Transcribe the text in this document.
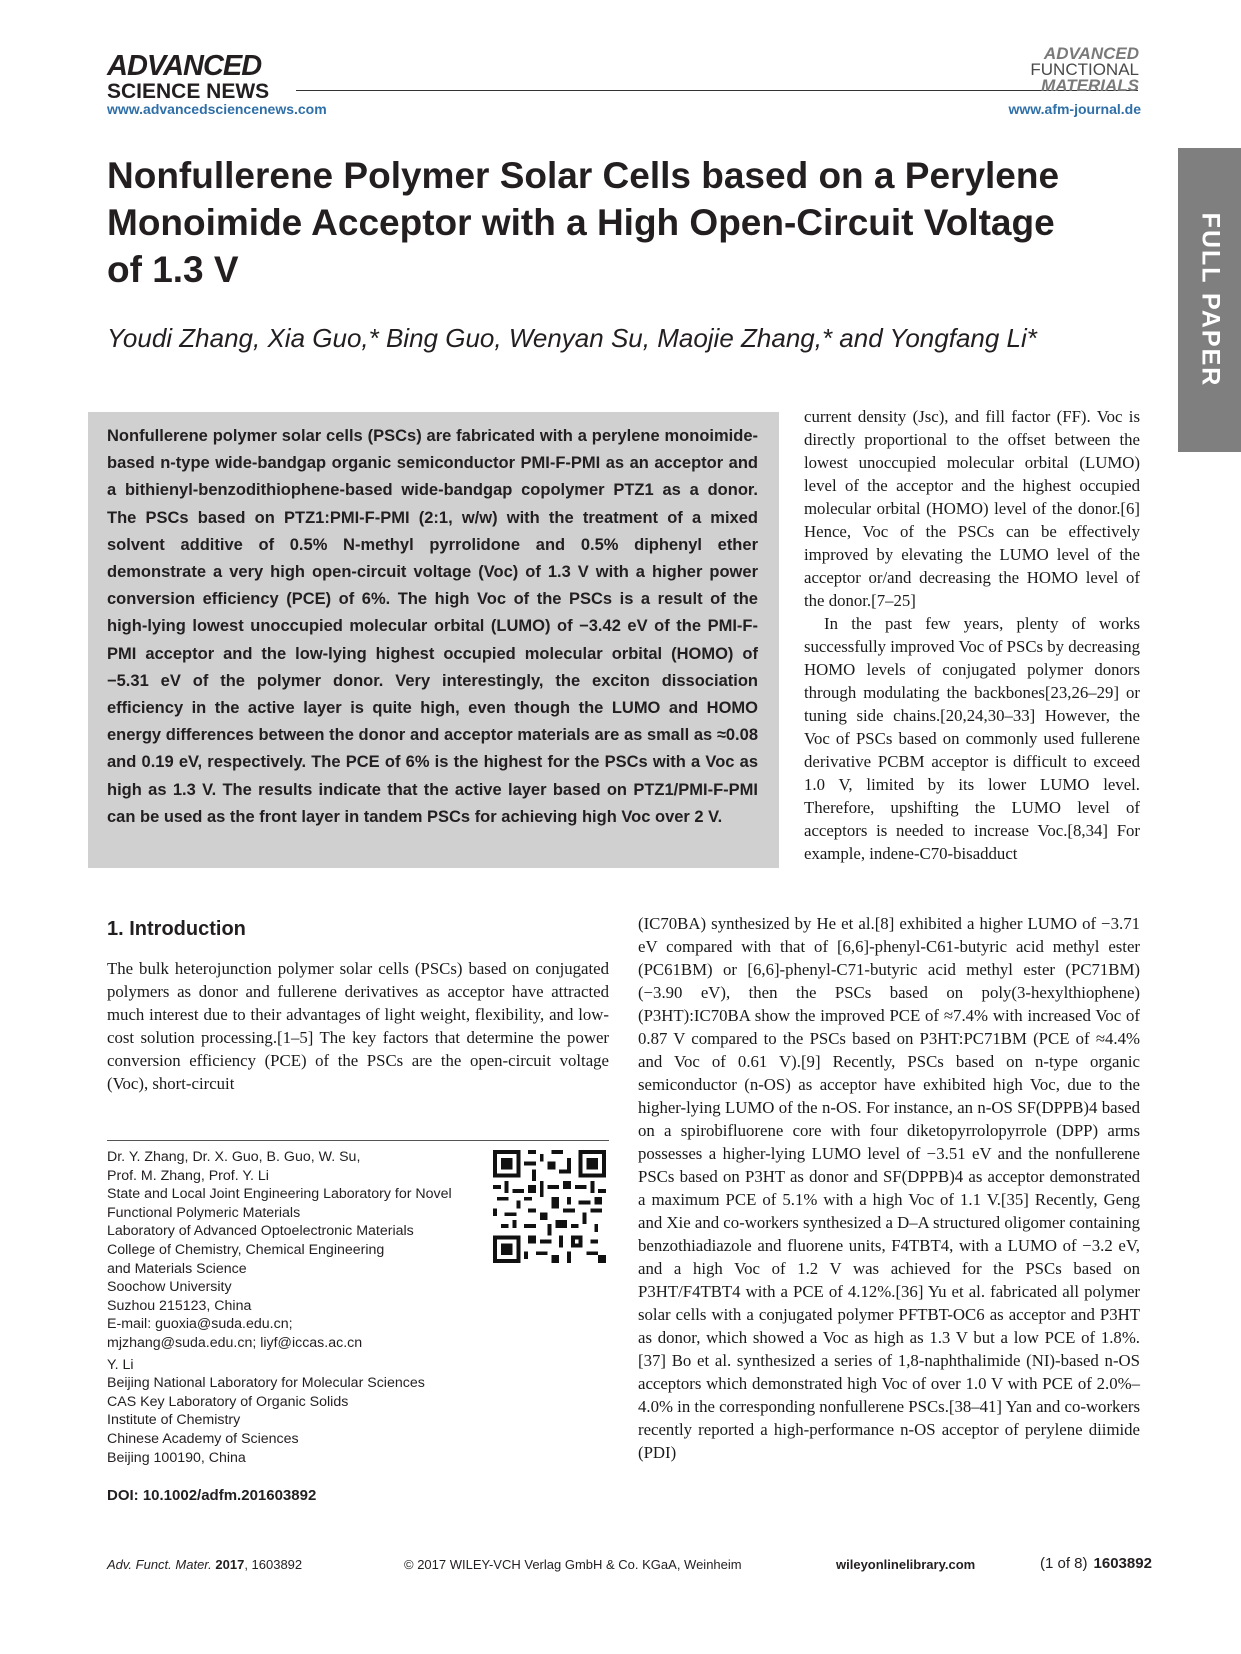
ADVANCED
SCIENCE NEWS
www.advancedsciencenews.com
ADVANCED
FUNCTIONAL
MATERIALS
www.afm-journal.de
FULL PAPER
Nonfullerene Polymer Solar Cells based on a Perylene Monoimide Acceptor with a High Open-Circuit Voltage of 1.3 V
Youdi Zhang, Xia Guo,* Bing Guo, Wenyan Su, Maojie Zhang,* and Yongfang Li*
Nonfullerene polymer solar cells (PSCs) are fabricated with a perylene monoimide-based n-type wide-bandgap organic semiconductor PMI-F-PMI as an acceptor and a bithienyl-benzodithiophene-based wide-bandgap copolymer PTZ1 as a donor. The PSCs based on PTZ1:PMI-F-PMI (2:1, w/w) with the treatment of a mixed solvent additive of 0.5% N-methyl pyrrolidone and 0.5% diphenyl ether demonstrate a very high open-circuit voltage (Voc) of 1.3 V with a higher power conversion efficiency (PCE) of 6%. The high Voc of the PSCs is a result of the high-lying lowest unoccupied molecular orbital (LUMO) of −3.42 eV of the PMI-F-PMI acceptor and the low-lying highest occupied molecular orbital (HOMO) of −5.31 eV of the polymer donor. Very interestingly, the exciton dissociation efficiency in the active layer is quite high, even though the LUMO and HOMO energy differences between the donor and acceptor materials are as small as ≈0.08 and 0.19 eV, respectively. The PCE of 6% is the highest for the PSCs with a Voc as high as 1.3 V. The results indicate that the active layer based on PTZ1/PMI-F-PMI can be used as the front layer in tandem PSCs for achieving high Voc over 2 V.

current density (Jsc), and fill factor (FF). Voc is directly proportional to the offset between the lowest unoccupied molecular orbital (LUMO) level of the acceptor and the highest occupied molecular orbital (HOMO) level of the donor.[6] Hence, Voc of the PSCs can be effectively improved by elevating the LUMO level of the acceptor or/and decreasing the HOMO level of the donor.[7–25]

In the past few years, plenty of works successfully improved Voc of PSCs by decreasing HOMO levels of conjugated polymer donors through modulating the backbones[23,26–29] or tuning side chains.[20,24,30–33] However, the Voc of PSCs based on commonly used fullerene derivative PCBM acceptor is difficult to exceed 1.0 V, limited by its lower LUMO level. Therefore, upshifting the LUMO level of acceptors is needed to increase Voc.[8,34] For example, indene-C70-bisadduct

1. Introduction

The bulk heterojunction polymer solar cells (PSCs) based on conjugated polymers as donor and fullerene derivatives as acceptor have attracted much interest due to their advantages of light weight, flexibility, and low-cost solution processing.[1–5] The key factors that determine the power conversion efficiency (PCE) of the PSCs are the open-circuit voltage (Voc), short-circuit

(IC70BA) synthesized by He et al.[8] exhibited a higher LUMO of −3.71 eV compared with that of [6,6]-phenyl-C61-butyric acid methyl ester (PC61BM) or [6,6]-phenyl-C71-butyric acid methyl ester (PC71BM) (−3.90 eV), then the PSCs based on poly(3-hexylthiophene) (P3HT):IC70BA show the improved PCE of ≈7.4% with increased Voc of 0.87 V compared to the PSCs based on P3HT:PC71BM (PCE of ≈4.4% and Voc of 0.61 V).[9] Recently, PSCs based on n-type organic semiconductor (n-OS) as acceptor have exhibited high Voc, due to the higher-lying LUMO of the n-OS. For instance, an n-OS SF(DPPB)4 based on a spirobifluorene core with four diketopyrrolopyrrole (DPP) arms possesses a higher-lying LUMO level of −3.51 eV and the nonfullerene PSCs based on P3HT as donor and SF(DPPB)4 as acceptor demonstrated a maximum PCE of 5.1% with a high Voc of 1.1 V.[35] Recently, Geng and Xie and co-workers synthesized a D–A structured oligomer containing benzothiadiazole and fluorene units, F4TBT4, with a LUMO of −3.2 eV, and a high Voc of 1.2 V was achieved for the PSCs based on P3HT/F4TBT4 with a PCE of 4.12%.[36] Yu et al. fabricated all polymer solar cells with a conjugated polymer PFTBT-OC6 as acceptor and P3HT as donor, which showed a Voc as high as 1.3 V but a low PCE of 1.8%.[37] Bo et al. synthesized a series of 1,8-naphthalimide (NI)-based n-OS acceptors which demonstrated high Voc of over 1.0 V with PCE of 2.0%–4.0% in the corresponding nonfullerene PSCs.[38–41] Yan and co-workers recently reported a high-performance n-OS acceptor of perylene diimide (PDI)

Dr. Y. Zhang, Dr. X. Guo, B. Guo, W. Su,
Prof. M. Zhang, Prof. Y. Li
State and Local Joint Engineering Laboratory for Novel
Functional Polymeric Materials
Laboratory of Advanced Optoelectronic Materials
College of Chemistry, Chemical Engineering
and Materials Science
Soochow University
Suzhou 215123, China
E-mail: guoxia@suda.edu.cn;
mjzhang@suda.edu.cn; liyf@iccas.ac.cn

Y. Li
Beijing National Laboratory for Molecular Sciences
CAS Key Laboratory of Organic Solids
Institute of Chemistry
Chinese Academy of Sciences
Beijing 100190, China

DOI: 10.1002/adfm.201603892
Adv. Funct. Mater. 2017, 1603892	© 2017 WILEY-VCH Verlag GmbH & Co. KGaA, Weinheim	wileyonlinelibrary.com	(1 of 8) 1603892
